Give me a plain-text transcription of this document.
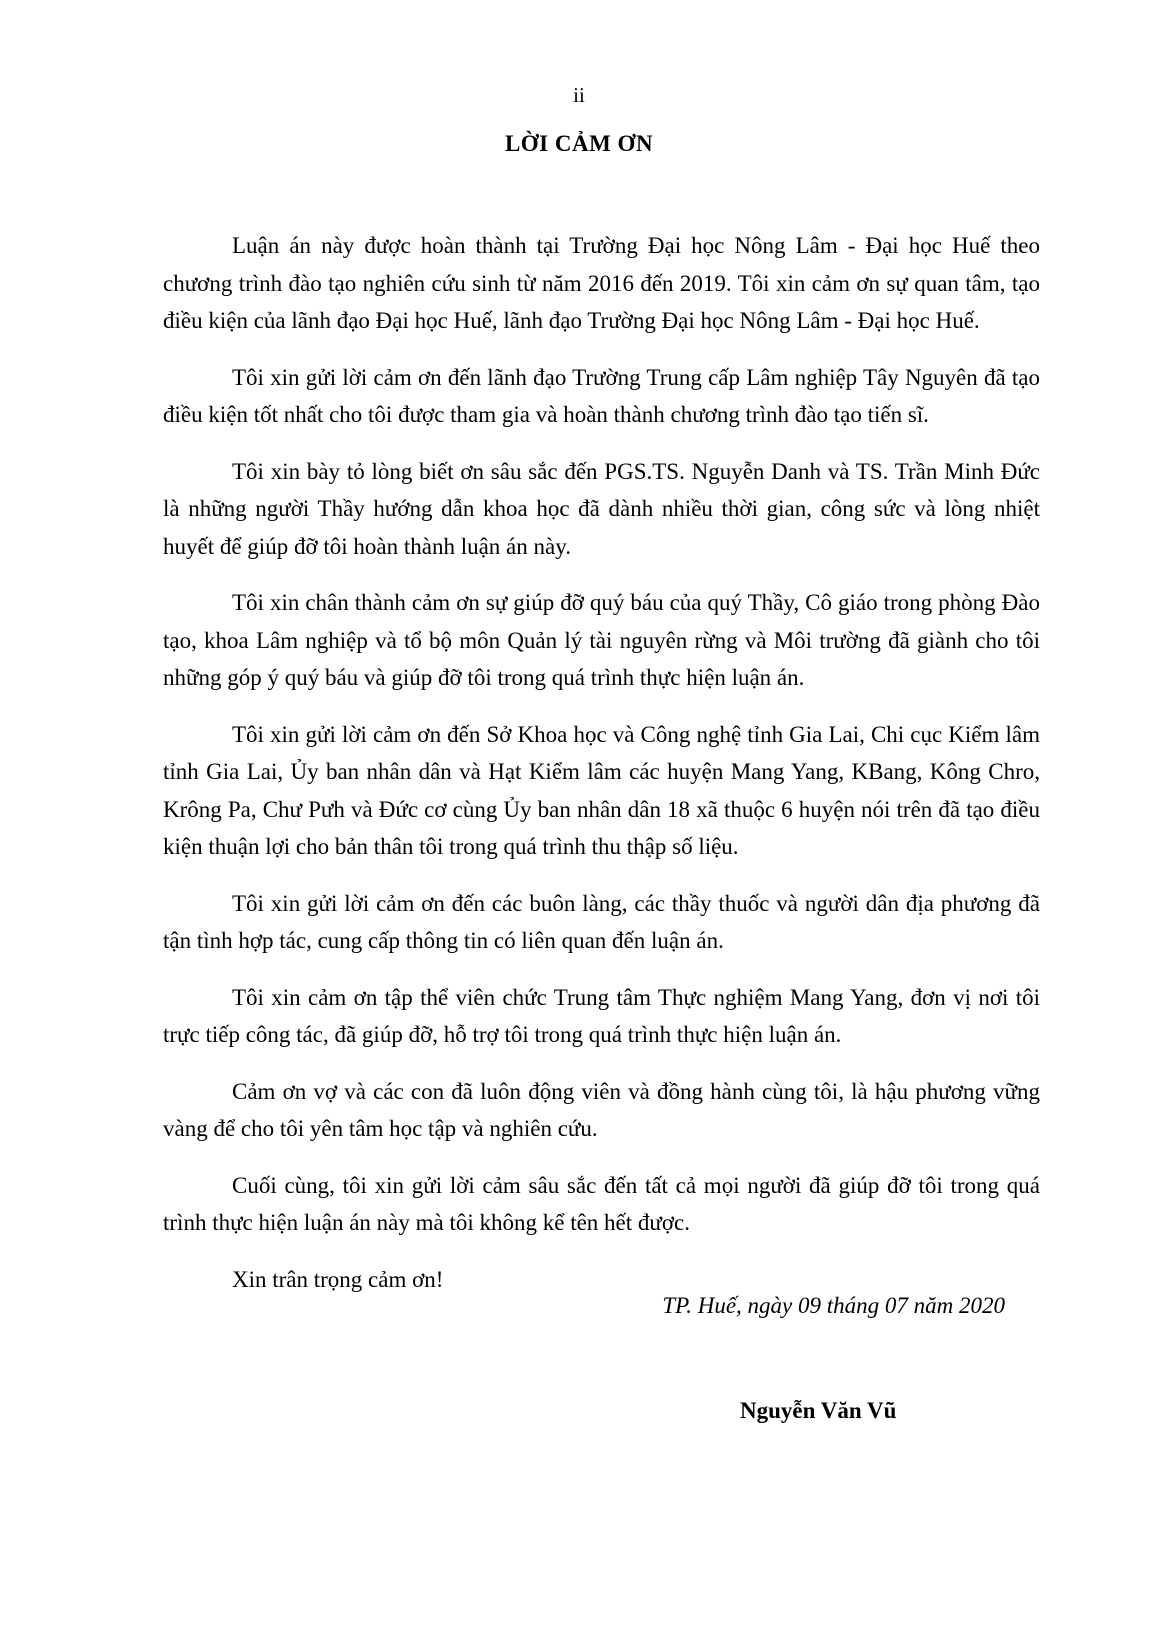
ii
LỜI CẢM ƠN

Luận án này được hoàn thành tại Trường Đại học Nông Lâm - Đại học Huế theo chương trình đào tạo nghiên cứu sinh từ năm 2016 đến 2019. Tôi xin cảm ơn sự quan tâm, tạo điều kiện của lãnh đạo Đại học Huế, lãnh đạo Trường Đại học Nông Lâm - Đại học Huế.

Tôi xin gửi lời cảm ơn đến lãnh đạo Trường Trung cấp Lâm nghiệp Tây Nguyên đã tạo điều kiện tốt nhất cho tôi được tham gia và hoàn thành chương trình đào tạo tiến sĩ.

Tôi xin bày tỏ lòng biết ơn sâu sắc đến PGS.TS. Nguyễn Danh và TS. Trần Minh Đức là những người Thầy hướng dẫn khoa học đã dành nhiều thời gian, công sức và lòng nhiệt huyết để giúp đỡ tôi hoàn thành luận án này.

Tôi xin chân thành cảm ơn sự giúp đỡ quý báu của quý Thầy, Cô giáo trong phòng Đào tạo, khoa Lâm nghiệp và tổ bộ môn Quản lý tài nguyên rừng và Môi trường đã giành cho tôi những góp ý quý báu và giúp đỡ tôi trong quá trình thực hiện luận án.

Tôi xin gửi lời cảm ơn đến Sở Khoa học và Công nghệ tỉnh Gia Lai, Chi cục Kiểm lâm tỉnh Gia Lai, Ủy ban nhân dân và Hạt Kiểm lâm các huyện Mang Yang, KBang, Kông Chro, Krông Pa, Chư Pưh và Đức cơ cùng Ủy ban nhân dân 18 xã thuộc 6 huyện nói trên đã tạo điều kiện thuận lợi cho bản thân tôi trong quá trình thu thập số liệu.

Tôi xin gửi lời cảm ơn đến các buôn làng, các thầy thuốc và người dân địa phương đã tận tình hợp tác, cung cấp thông tin có liên quan đến luận án.

Tôi xin cảm ơn tập thể viên chức Trung tâm Thực nghiệm Mang Yang, đơn vị nơi tôi trực tiếp công tác, đã giúp đỡ, hỗ trợ tôi trong quá trình thực hiện luận án.

Cảm ơn vợ và các con đã luôn động viên và đồng hành cùng tôi, là hậu phương vững vàng để cho tôi yên tâm học tập và nghiên cứu.

Cuối cùng, tôi xin gửi lời cảm sâu sắc đến tất cả mọi người đã giúp đỡ tôi trong quá trình thực hiện luận án này mà tôi không kể tên hết được.

Xin trân trọng cảm ơn!

TP. Huế, ngày 09 tháng 07 năm 2020
Nguyễn Văn Vũ
